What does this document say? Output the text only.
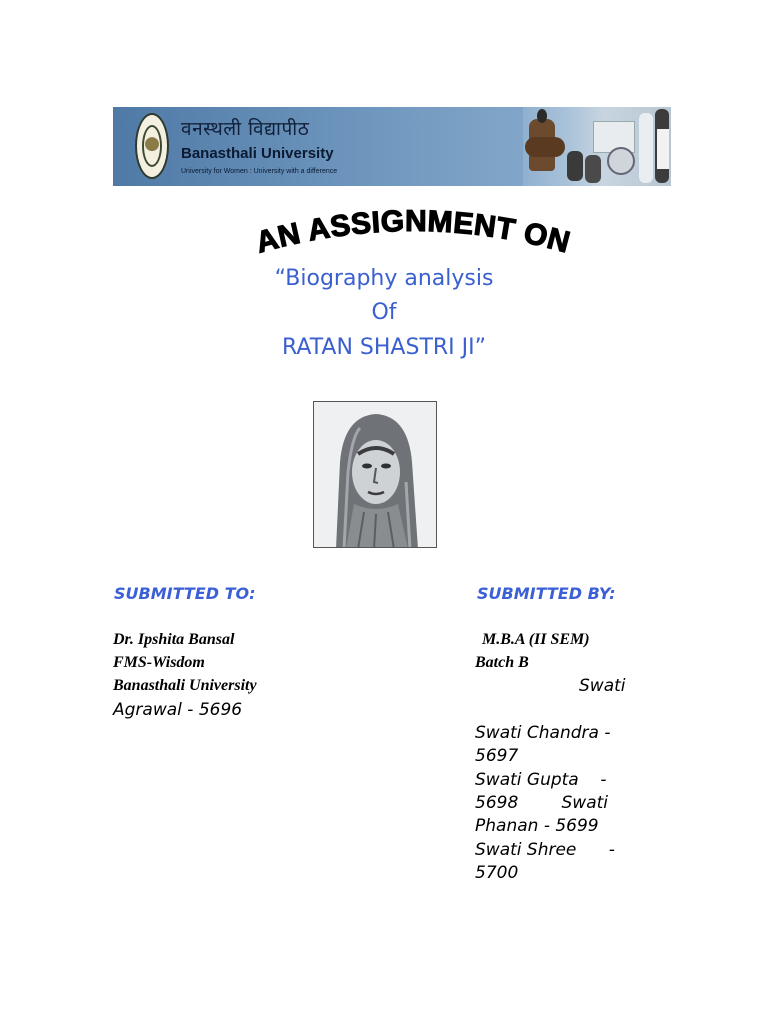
वनस्थली विद्यापीठ
Banasthali University
University for Women : University with a difference
AN ASSIGNMENT ON
“Biography analysis
Of
RATAN SHASTRI JI”
SUBMITTED TO:
Dr. Ipshita Bansal
FMS-Wisdom
Banasthali University
Agrawal - 5696
SUBMITTED BY:
M.B.A (II SEM)
Batch B
Swati
Swati Chandra -
5697
Swati Gupta    -
5698        Swati
Phanan - 5699
Swati Shree      -
5700
